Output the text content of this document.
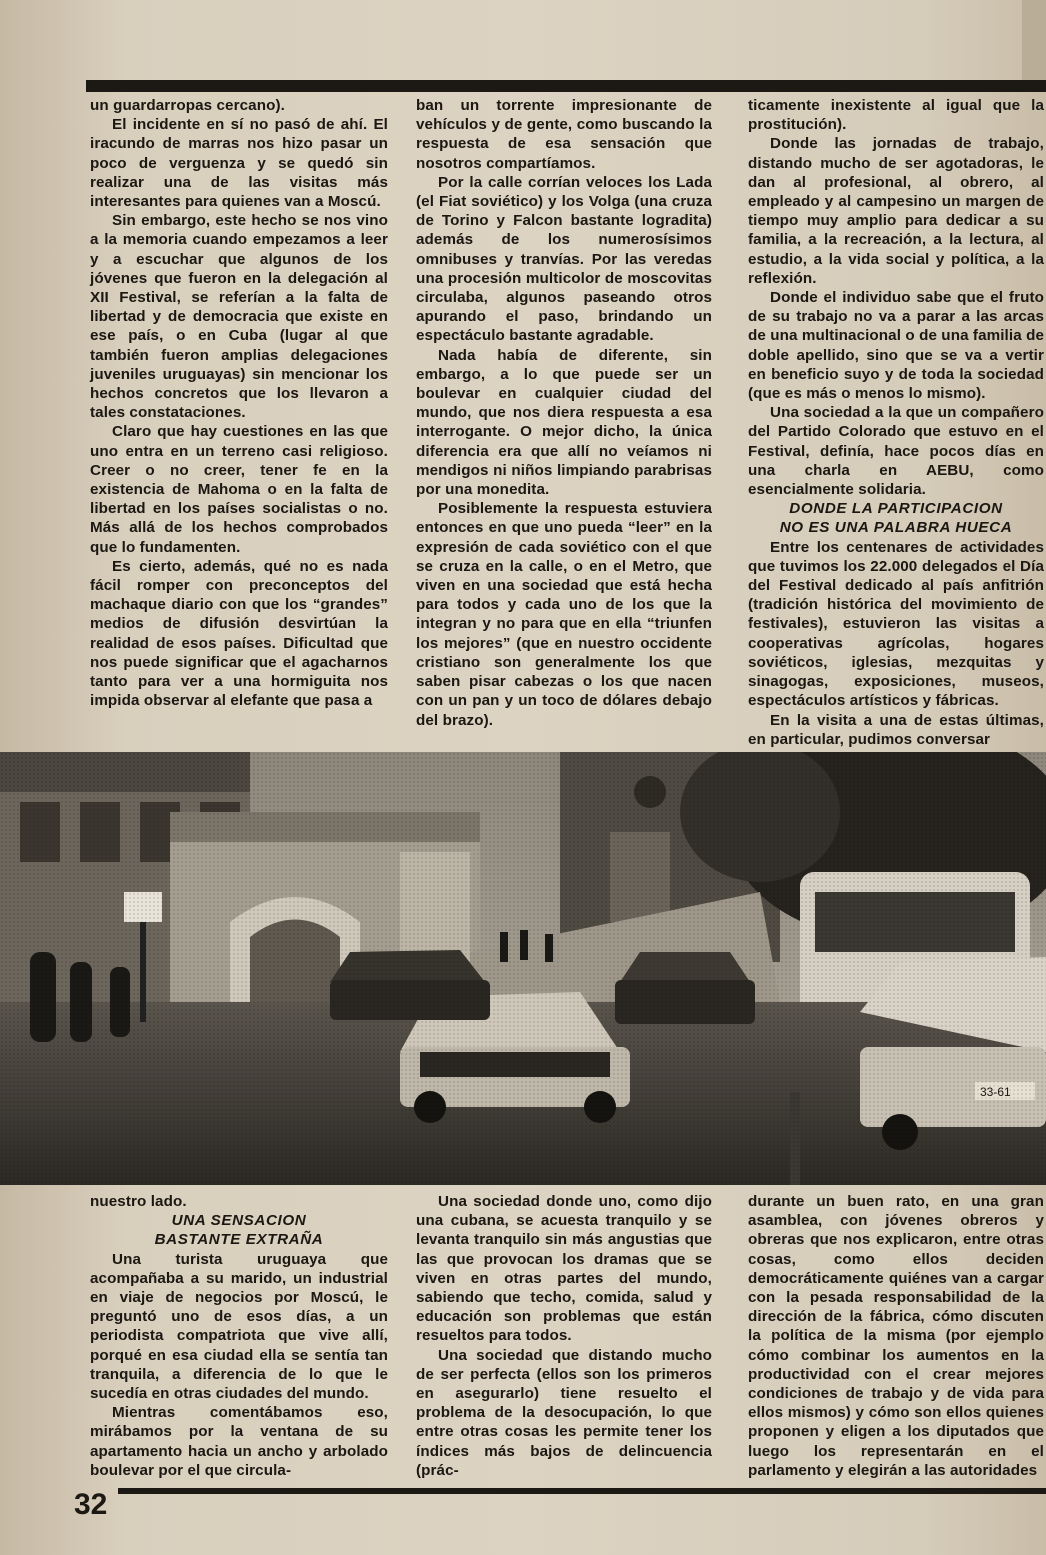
un guardarropas cercano).

El incidente en sí no pasó de ahí. El iracundo de marras nos hizo pasar un poco de verguenza y se quedó sin realizar una de las visitas más interesantes para quienes van a Moscú.

Sin embargo, este hecho se nos vino a la memoria cuando empezamos a leer y a escuchar que algunos de los jóvenes que fueron en la delegación al XII Festival, se referían a la falta de libertad y de democracia que existe en ese país, o en Cuba (lugar al que también fueron amplias delegaciones juveniles uruguayas) sin mencionar los hechos concretos que los llevaron a tales constataciones.

Claro que hay cuestiones en las que uno entra en un terreno casi religioso. Creer o no creer, tener fe en la existencia de Mahoma o en la falta de libertad en los países socialistas o no. Más allá de los hechos comprobados que lo fundamenten.

Es cierto, además, qué no es nada fácil romper con preconceptos del machaque diario con que los “grandes” medios de difusión desvirtúan la realidad de esos países. Dificultad que nos puede significar que el agacharnos tanto para ver a una hormiguita nos impida observar al elefante que pasa a

ban un torrente impresionante de vehículos y de gente, como buscando la respuesta de esa sensación que nosotros compartíamos.

Por la calle corrían veloces los Lada (el Fiat soviético) y los Volga (una cruza de Torino y Falcon bastante logradita) además de los numerosísimos omnibuses y tranvías. Por las veredas una procesión multicolor de moscovitas circulaba, algunos paseando otros apurando el paso, brindando un espectáculo bastante agradable.

Nada había de diferente, sin embargo, a lo que puede ser un boulevar en cualquier ciudad del mundo, que nos diera respuesta a esa interrogante. O mejor dicho, la única diferencia era que allí no veíamos ni mendigos ni niños limpiando parabrisas por una monedita.

Posiblemente la respuesta estuviera entonces en que uno pueda “leer” en la expresión de cada soviético con el que se cruza en la calle, o en el Metro, que viven en una sociedad que está hecha para todos y cada uno de los que la integran y no para que en ella “triunfen los mejores” (que en nuestro occidente cristiano son generalmente los que saben pisar cabezas o los que nacen con un pan y un toco de dólares debajo del brazo).

ticamente inexistente al igual que la prostitución).

Donde las jornadas de trabajo, distando mucho de ser agotadoras, le dan al profesional, al obrero, al empleado y al campesino un margen de tiempo muy amplio para dedicar a su familia, a la recreación, a la lectura, al estudio, a la vida social y política, a la reflexión.

Donde el individuo sabe que el fruto de su trabajo no va a parar a las arcas de una multinacional o de una familia de doble apellido, sino que se va a vertir en beneficio suyo y de toda la sociedad (que es más o menos lo mismo).

Una sociedad a la que un compañero del Partido Colorado que estuvo en el Festival, definía, hace pocos días en una charla en AEBU, como esencialmente solidaria.

DONDE LA PARTICIPACION

NO ES UNA PALABRA HUECA

Entre los centenares de actividades que tuvimos los 22.000 delegados el Día del Festival dedicado al país anfitrión (tradición histórica del movimiento de festivales), estuvieron las visitas a cooperativas agrícolas, hogares soviéticos, iglesias, mezquitas y sinagogas, exposiciones, museos, espectáculos artísticos y fábricas.

En la visita a una de estas últimas, en particular, pudimos conversar

nuestro lado.

UNA SENSACION

BASTANTE EXTRAÑA

Una turista uruguaya que acompañaba a su marido, un industrial en viaje de negocios por Moscú, le preguntó uno de esos días, a un periodista compatriota que vive allí, porqué en esa ciudad ella se sentía tan tranquila, a diferencia de lo que le sucedía en otras ciudades del mundo.

Mientras comentábamos eso, mirábamos por la ventana de su apartamento hacia un ancho y arbolado boulevar por el que circula-

Una sociedad donde uno, como dijo una cubana, se acuesta tranquilo y se levanta tranquilo sin más angustias que las que provocan los dramas que se viven en otras partes del mundo, sabiendo que techo, comida, salud y educación son problemas que están resueltos para todos.

Una sociedad que distando mucho de ser perfecta (ellos son los primeros en asegurarlo) tiene resuelto el problema de la desocupación, lo que entre otras cosas les permite tener los índices más bajos de delincuencia (prác-

durante un buen rato, en una gran asamblea, con jóvenes obreros y obreras que nos explicaron, entre otras cosas, como ellos deciden democráticamente quiénes van a cargar con la pesada responsabilidad de la dirección de la fábrica, cómo discuten la política de la misma (por ejemplo cómo combinar los aumentos en la productividad con el crear mejores condiciones de trabajo y de vida para ellos mismos) y cómo son ellos quienes proponen y eligen a los diputados que luego los representarán en el parlamento y elegirán a las autoridades

32
